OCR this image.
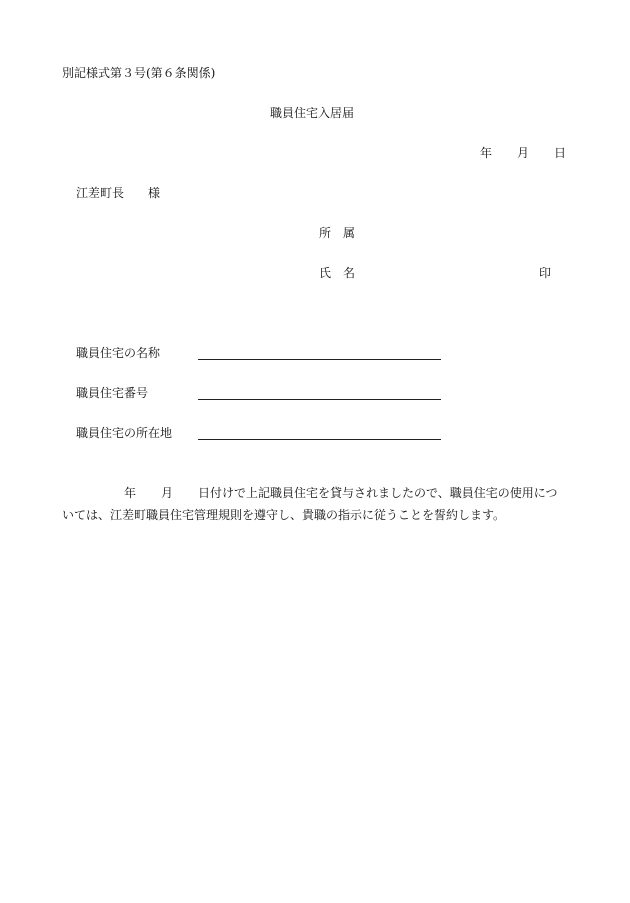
別記様式第３号(第６条関係)
職員住宅入居届
年 月 日
江差町長 様
所　属
氏　名	印
職員住宅の名称
職員住宅番号
職員住宅の所在地
年 月 日付けで上記職員住宅を貸与されましたので、職員住宅の使用につ
いては、江差町職員住宅管理規則を遵守し、貴職の指示に従うことを誓約します。
